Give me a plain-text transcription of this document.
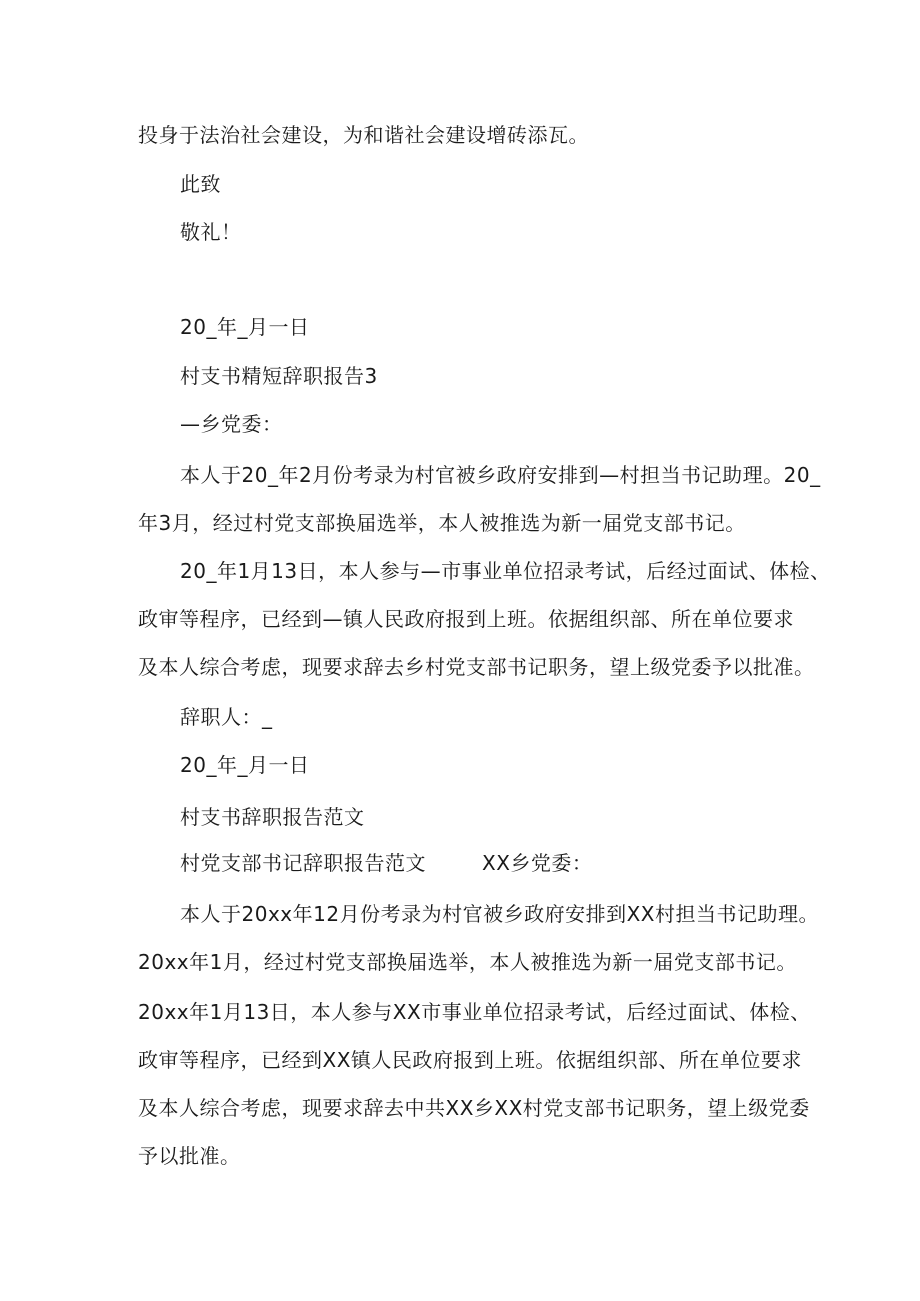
投身于法治社会建设，为和谐社会建设增砖添瓦。
此致
敬礼！
20_年_月一日
村支书精短辞职报告3
—乡党委：
本人于20_年2月份考录为村官被乡政府安排到—村担当书记助理。20_
年3月，经过村党支部换届选举，本人被推选为新一届党支部书记。
20_年1月13日，本人参与—市事业单位招录考试，后经过面试、体检、
政审等程序，已经到—镇人民政府报到上班。依据组织部、所在单位要求
及本人综合考虑，现要求辞去乡村党支部书记职务，望上级党委予以批准。
辞职人：_
20_年_月一日
村支书辞职报告范文
村党支部书记辞职报告范文	XX乡党委：
本人于20xx年12月份考录为村官被乡政府安排到XX村担当书记助理。
20xx年1月，经过村党支部换届选举，本人被推选为新一届党支部书记。
20xx年1月13日，本人参与XX市事业单位招录考试，后经过面试、体检、
政审等程序，已经到XX镇人民政府报到上班。依据组织部、所在单位要求
及本人综合考虑，现要求辞去中共XX乡XX村党支部书记职务，望上级党委
予以批准。
